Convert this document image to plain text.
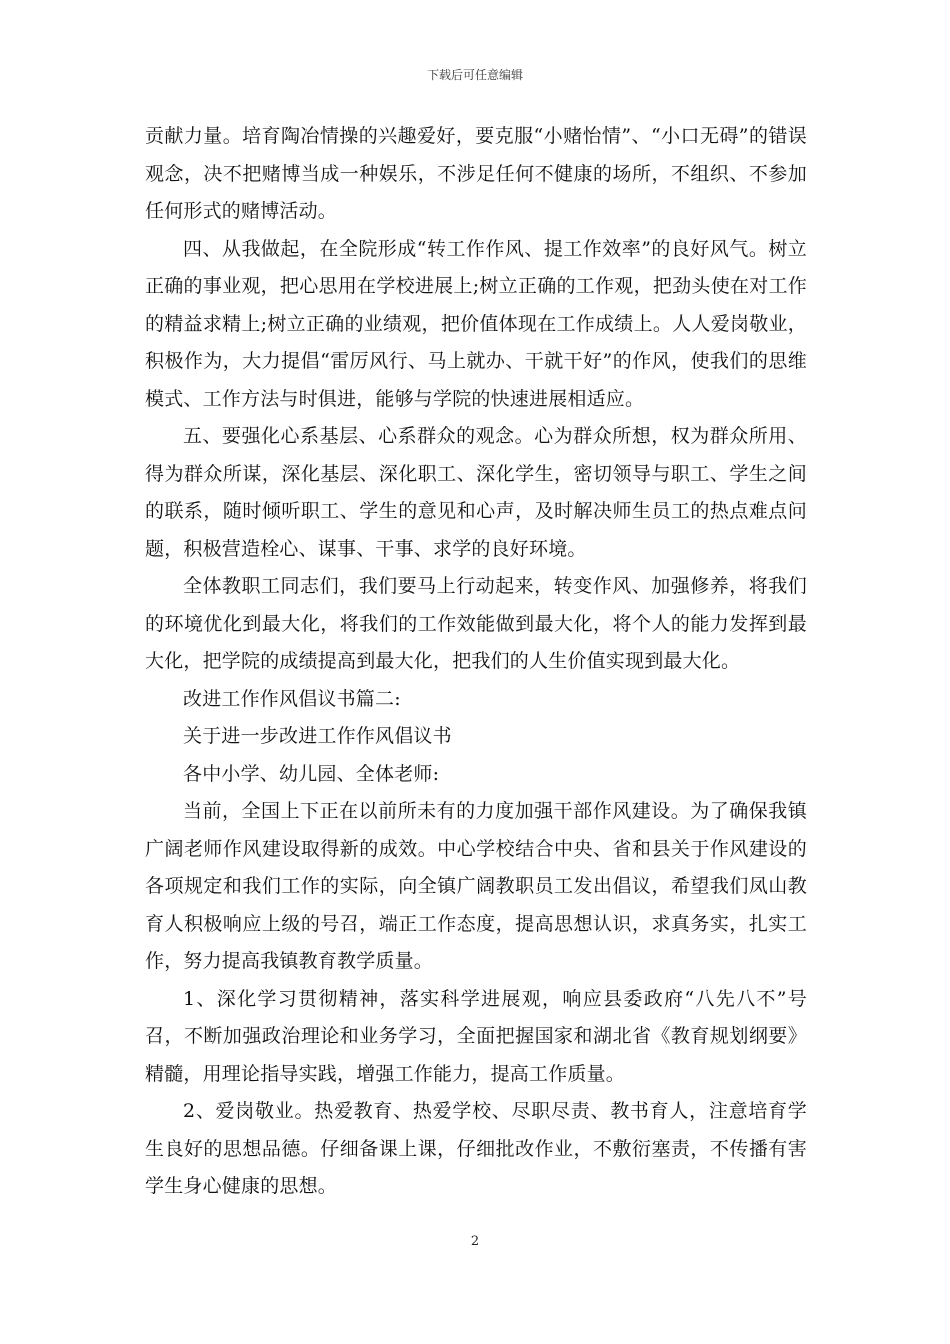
下载后可任意编辑

贡献力量。培育陶冶情操的兴趣爱好，要克服“小赌怡情”、“小口无碍”的错误观念，决不把赌博当成一种娱乐，不涉足任何不健康的场所，不组织、不参加任何形式的赌博活动。

四、从我做起，在全院形成“转工作作风、提工作效率”的良好风气。树立正确的事业观，把心思用在学校进展上;树立正确的工作观，把劲头使在对工作的精益求精上;树立正确的业绩观，把价值体现在工作成绩上。人人爱岗敬业，积极作为，大力提倡“雷厉风行、马上就办、干就干好”的作风，使我们的思维模式、工作方法与时俱进，能够与学院的快速进展相适应。

五、要强化心系基层、心系群众的观念。心为群众所想，权为群众所用、得为群众所谋，深化基层、深化职工、深化学生，密切领导与职工、学生之间的联系，随时倾听职工、学生的意见和心声，及时解决师生员工的热点难点问题，积极营造栓心、谋事、干事、求学的良好环境。

全体教职工同志们，我们要马上行动起来，转变作风、加强修养，将我们的环境优化到最大化，将我们的工作效能做到最大化，将个人的能力发挥到最大化，把学院的成绩提高到最大化，把我们的人生价值实现到最大化。

改进工作作风倡议书篇二:

关于进一步改进工作作风倡议书

各中小学、幼儿园、全体老师:

当前，全国上下正在以前所未有的力度加强干部作风建设。为了确保我镇广阔老师作风建设取得新的成效。中心学校结合中央、省和县关于作风建设的各项规定和我们工作的实际，向全镇广阔教职员工发出倡议，希望我们凤山教育人积极响应上级的号召，端正工作态度，提高思想认识，求真务实，扎实工作，努力提高我镇教育教学质量。

1、深化学习贯彻精神，落实科学进展观，响应县委政府“八先八不”号召，不断加强政治理论和业务学习，全面把握国家和湖北省《教育规划纲要》精髓，用理论指导实践，增强工作能力，提高工作质量。

2、爱岗敬业。热爱教育、热爱学校、尽职尽责、教书育人，注意培育学生良好的思想品德。仔细备课上课，仔细批改作业，不敷衍塞责，不传播有害学生身心健康的思想。

2
